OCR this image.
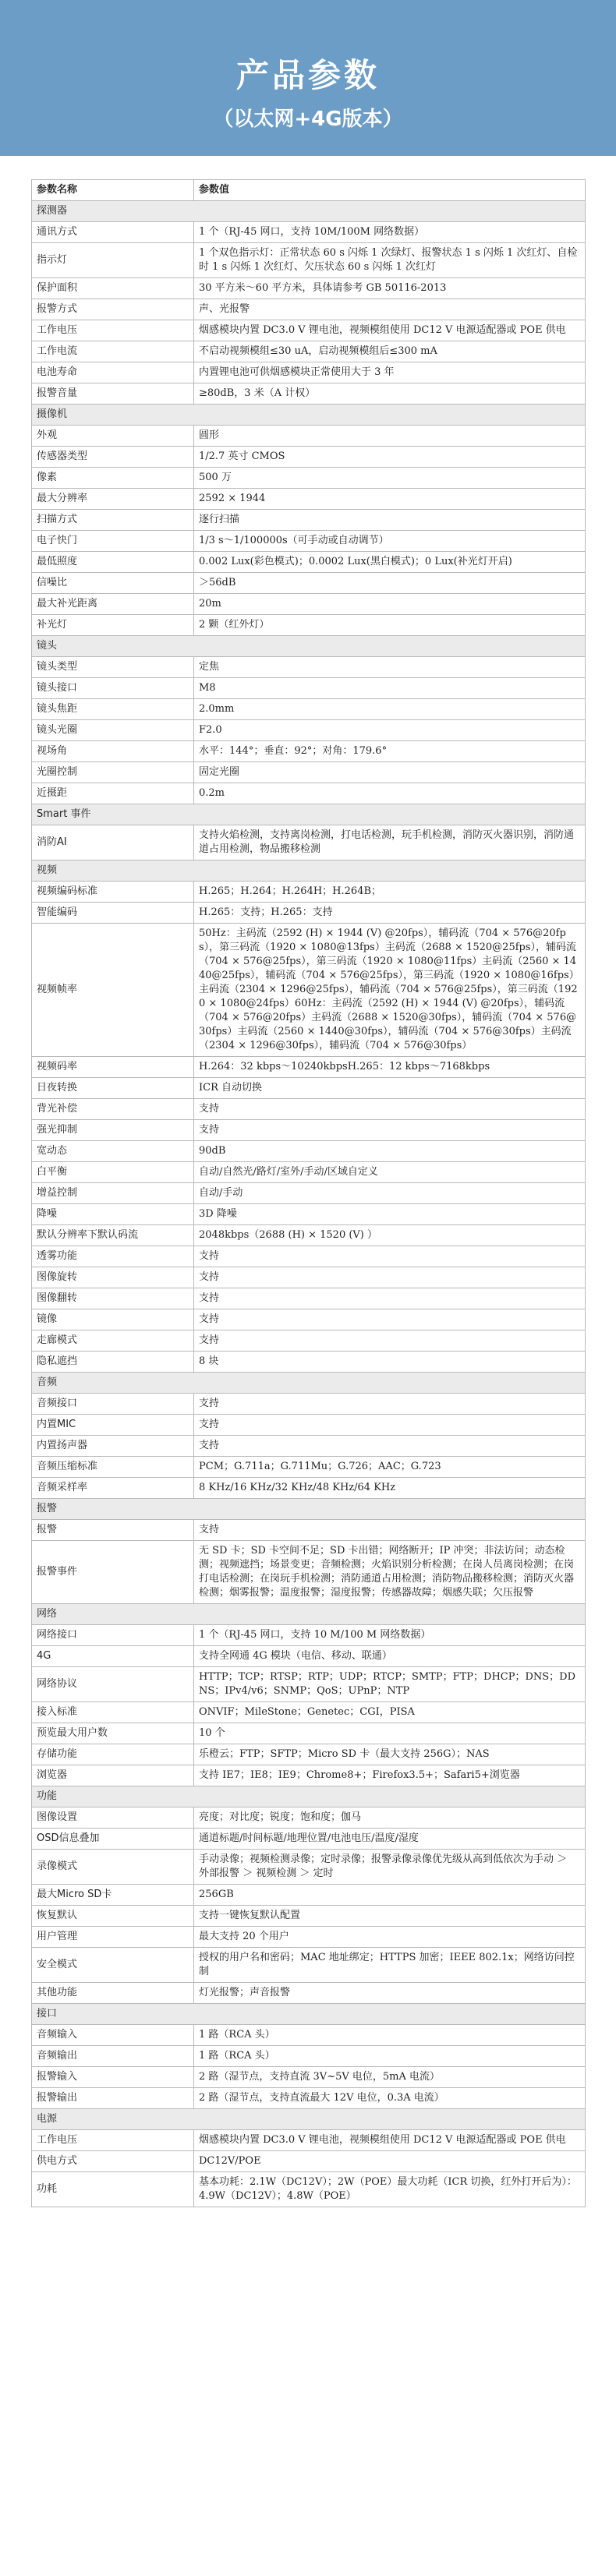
产品参数
（以太网+4G版本）
参数名称	参数值
探测器	
通讯方式	1 个（RJ-45 网口，支持 10M/100M 网络数据）
指示灯	1 个双色指示灯：正常状态 60 s 闪烁 1 次绿灯、报警状态 1 s 闪烁 1 次红灯、自检时 1 s 闪烁 1 次红灯、欠压状态 60 s 闪烁 1 次红灯
保护面积	30 平方米～60 平方米，具体请参考 GB 50116-2013
报警方式	声、光报警
工作电压	烟感模块内置 DC3.0 V 锂电池，视频模组使用 DC12 V 电源适配器或 POE 供电
工作电流	不启动视频模组≤30 uA，启动视频模组后≤300 mA
电池寿命	内置锂电池可供烟感模块正常使用大于 3 年
报警音量	≥80dB，3 米（A 计权）
摄像机	
外观	圆形
传感器类型	1/2.7 英寸 CMOS
像素	500 万
最大分辨率	2592 × 1944
扫描方式	逐行扫描
电子快门	1/3 s～1/100000s（可手动或自动调节）
最低照度	0.002 Lux(彩色模式)；0.0002 Lux(黑白模式)；0 Lux(补光灯开启)
信噪比	＞56dB
最大补光距离	20m
补光灯	2 颗（红外灯）
镜头	
镜头类型	定焦
镜头接口	M8
镜头焦距	2.0mm
镜头光圈	F2.0
视场角	水平：144°；垂直：92°；对角：179.6°
光圈控制	固定光圈
近摄距	0.2m
Smart 事件	
消防AI	支持火焰检测，支持离岗检测，打电话检测，玩手机检测，消防灭火器识别，消防通道占用检测，物品搬移检测
视频	
视频编码标准	H.265；H.264；H.264H；H.264B；
智能编码	H.265：支持；H.265：支持
视频帧率	50Hz：主码流（2592 (H) × 1944 (V) @20fps），辅码流（704 × 576@20fps），第三码流（1920 × 1080@13fps）主码流（2688 × 1520@25fps），辅码流（704 × 576@25fps），第三码流（1920 × 1080@11fps）主码流（2560 × 1440@25fps），辅码流（704 × 576@25fps），第三码流（1920 × 1080@16fps）主码流（2304 × 1296@25fps），辅码流（704 × 576@25fps），第三码流（1920 × 1080@24fps）60Hz：主码流（2592 (H) × 1944 (V) @20fps），辅码流（704 × 576@20fps）主码流（2688 × 1520@30fps），辅码流（704 × 576@30fps）主码流（2560 × 1440@30fps），辅码流（704 × 576@30fps）主码流（2304 × 1296@30fps），辅码流（704 × 576@30fps）
视频码率	H.264：32 kbps～10240kbpsH.265：12 kbps～7168kbps
日夜转换	ICR 自动切换
背光补偿	支持
强光抑制	支持
宽动态	90dB
白平衡	自动/自然光/路灯/室外/手动/区域自定义
增益控制	自动/手动
降噪	3D 降噪
默认分辨率下默认码流	2048kbps（2688 (H) × 1520 (V) ）
透雾功能	支持
图像旋转	支持
图像翻转	支持
镜像	支持
走廊模式	支持
隐私遮挡	8 块
音频	
音频接口	支持
内置MIC	支持
内置扬声器	支持
音频压缩标准	PCM；G.711a；G.711Mu；G.726；AAC；G.723
音频采样率	8 KHz/16 KHz/32 KHz/48 KHz/64 KHz
报警	
报警	支持
报警事件	无 SD 卡；SD 卡空间不足；SD 卡出错；网络断开；IP 冲突；非法访问；动态检测；视频遮挡；场景变更；音频检测；火焰识别分析检测；在岗人员离岗检测；在岗打电话检测；在岗玩手机检测；消防通道占用检测；消防物品搬移检测；消防灭火器检测；烟雾报警；温度报警；湿度报警；传感器故障；烟感失联；欠压报警
网络	
网络接口	1 个（RJ-45 网口，支持 10 M/100 M 网络数据）
4G	支持全网通 4G 模块（电信、移动、联通）
网络协议	HTTP；TCP；RTSP；RTP；UDP；RTCP；SMTP；FTP；DHCP；DNS；DDNS；IPv4/v6；SNMP；QoS；UPnP；NTP
接入标准	ONVIF；MileStone；Genetec；CGI，PISA
预览最大用户数	10 个
存储功能	乐橙云；FTP；SFTP；Micro SD 卡（最大支持 256G）；NAS
浏览器	支持 IE7；IE8；IE9；Chrome8+；Firefox3.5+；Safari5+浏览器
功能	
图像设置	亮度；对比度；锐度；饱和度；伽马
OSD信息叠加	通道标题/时间标题/地理位置/电池电压/温度/湿度
录像模式	手动录像；视频检测录像；定时录像；报警录像录像优先级从高到低依次为手动 ＞ 外部报警 ＞ 视频检测 ＞ 定时
最大Micro SD卡	256GB
恢复默认	支持一键恢复默认配置
用户管理	最大支持 20 个用户
安全模式	授权的用户名和密码；MAC 地址绑定；HTTPS 加密；IEEE 802.1x；网络访问控制
其他功能	灯光报警；声音报警
接口	
音频输入	1 路（RCA 头）
音频输出	1 路（RCA 头）
报警输入	2 路（湿节点，支持直流 3V~5V 电位，5mA 电流）
报警输出	2 路（湿节点，支持直流最大 12V 电位，0.3A 电流）
电源	
工作电压	烟感模块内置 DC3.0 V 锂电池，视频模组使用 DC12 V 电源适配器或 POE 供电
供电方式	DC12V/POE
功耗	基本功耗：2.1W（DC12V）；2W（POE）最大功耗（ICR 切换，红外打开后为）：4.9W（DC12V）；4.8W（POE）
